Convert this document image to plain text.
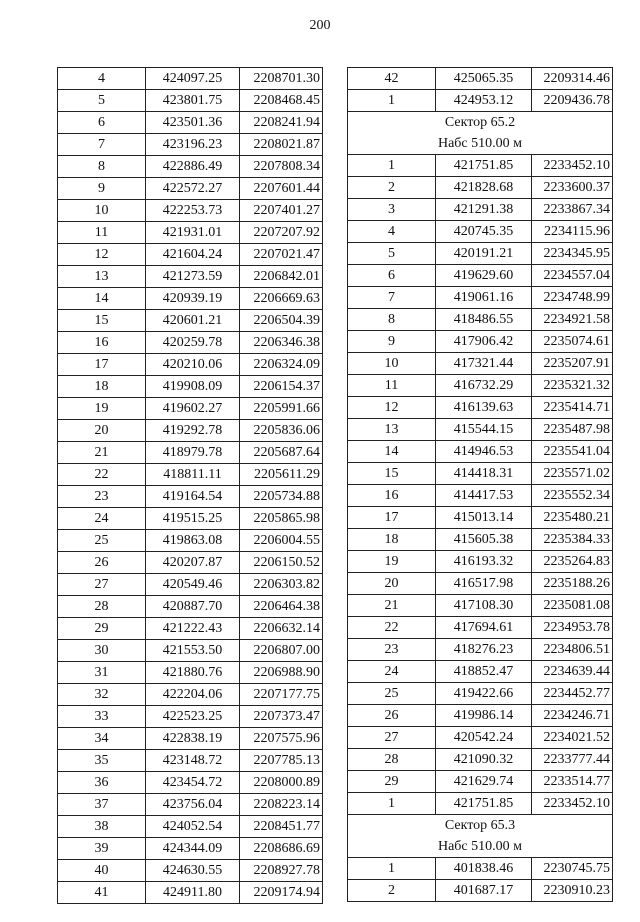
200
4	424097.25	2208701.30
5	423801.75	2208468.45
6	423501.36	2208241.94
7	423196.23	2208021.87
8	422886.49	2207808.34
9	422572.27	2207601.44
10	422253.73	2207401.27
11	421931.01	2207207.92
12	421604.24	2207021.47
13	421273.59	2206842.01
14	420939.19	2206669.63
15	420601.21	2206504.39
16	420259.78	2206346.38
17	420210.06	2206324.09
18	419908.09	2206154.37
19	419602.27	2205991.66
20	419292.78	2205836.06
21	418979.78	2205687.64
22	418811.11	2205611.29
23	419164.54	2205734.88
24	419515.25	2205865.98
25	419863.08	2206004.55
26	420207.87	2206150.52
27	420549.46	2206303.82
28	420887.70	2206464.38
29	421222.43	2206632.14
30	421553.50	2206807.00
31	421880.76	2206988.90
32	422204.06	2207177.75
33	422523.25	2207373.47
34	422838.19	2207575.96
35	423148.72	2207785.13
36	423454.72	2208000.89
37	423756.04	2208223.14
38	424052.54	2208451.77
39	424344.09	2208686.69
40	424630.55	2208927.78
41	424911.80	2209174.94
42	425065.35	2209314.46
1	424953.12	2209436.78
Сектор 65.2		
Набс 510.00 м		
1	421751.85	2233452.10
2	421828.68	2233600.37
3	421291.38	2233867.34
4	420745.35	2234115.96
5	420191.21	2234345.95
6	419629.60	2234557.04
7	419061.16	2234748.99
8	418486.55	2234921.58
9	417906.42	2235074.61
10	417321.44	2235207.91
11	416732.29	2235321.32
12	416139.63	2235414.71
13	415544.15	2235487.98
14	414946.53	2235541.04
15	414418.31	2235571.02
16	414417.53	2235552.34
17	415013.14	2235480.21
18	415605.38	2235384.33
19	416193.32	2235264.83
20	416517.98	2235188.26
21	417108.30	2235081.08
22	417694.61	2234953.78
23	418276.23	2234806.51
24	418852.47	2234639.44
25	419422.66	2234452.77
26	419986.14	2234246.71
27	420542.24	2234021.52
28	421090.32	2233777.44
29	421629.74	2233514.77
1	421751.85	2233452.10
Сектор 65.3		
Набс 510.00 м		
1	401838.46	2230745.75
2	401687.17	2230910.23
